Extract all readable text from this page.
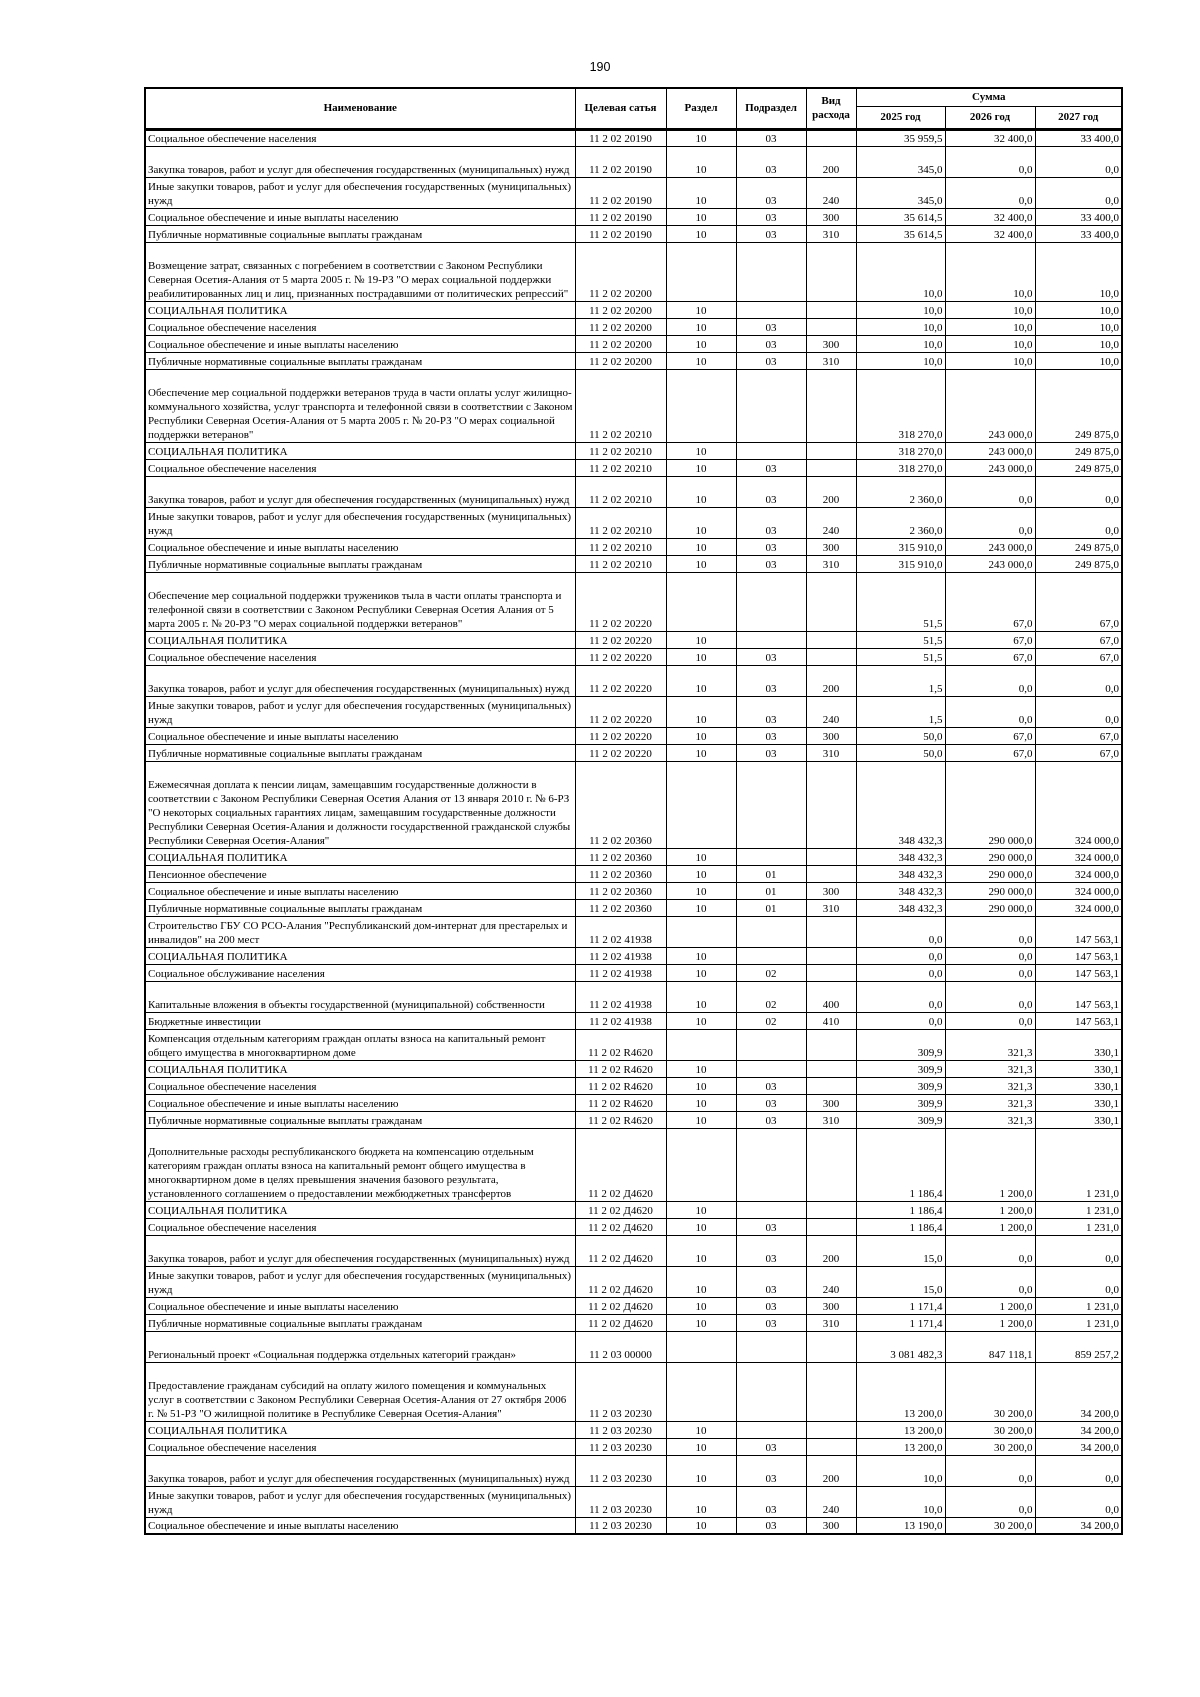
190
Наименование	Целевая сатья	Раздел	Подраздел	Вид расхода	Сумма		
					2025 год	2026 год	2027 год

Социальное обеспечение населения	11 2 02 20190	10	03		35 959,5	32 400,0	33 400,0

Закупка товаров, работ и услуг для обеспечения государственных (муниципальных) нужд	11 2 02 20190	10	03	200	345,0	0,0	0,0

Иные закупки товаров, работ и услуг для обеспечения государственных (муниципальных) нужд	11 2 02 20190	10	03	240	345,0	0,0	0,0

Социальное обеспечение и иные выплаты населению	11 2 02 20190	10	03	300	35 614,5	32 400,0	33 400,0

Публичные нормативные социальные выплаты гражданам	11 2 02 20190	10	03	310	35 614,5	32 400,0	33 400,0

Возмещение затрат, связанных с погребением в соответствии с Законом Республики Северная Осетия-Алания от 5 марта 2005 г. № 19-РЗ "О мерах социальной поддержки реабилитированных лиц и лиц, признанных пострадавшими от политических репрессий"	11 2 02 20200				10,0	10,0	10,0

СОЦИАЛЬНАЯ ПОЛИТИКА	11 2 02 20200	10			10,0	10,0	10,0

Социальное обеспечение населения	11 2 02 20200	10	03		10,0	10,0	10,0

Социальное обеспечение и иные выплаты населению	11 2 02 20200	10	03	300	10,0	10,0	10,0

Публичные нормативные социальные выплаты гражданам	11 2 02 20200	10	03	310	10,0	10,0	10,0

Обеспечение мер социальной поддержки ветеранов труда в части оплаты услуг жилищно-коммунального хозяйства, услуг транспорта и телефонной связи в соответствии с Законом Республики Северная Осетия-Алания от 5 марта 2005 г. № 20-РЗ "О мерах социальной поддержки ветеранов"	11 2 02 20210				318 270,0	243 000,0	249 875,0

СОЦИАЛЬНАЯ ПОЛИТИКА	11 2 02 20210	10			318 270,0	243 000,0	249 875,0

Социальное обеспечение населения	11 2 02 20210	10	03		318 270,0	243 000,0	249 875,0

Закупка товаров, работ и услуг для обеспечения государственных (муниципальных) нужд	11 2 02 20210	10	03	200	2 360,0	0,0	0,0

Иные закупки товаров, работ и услуг для обеспечения государственных (муниципальных) нужд	11 2 02 20210	10	03	240	2 360,0	0,0	0,0

Социальное обеспечение и иные выплаты населению	11 2 02 20210	10	03	300	315 910,0	243 000,0	249 875,0

Публичные нормативные социальные выплаты гражданам	11 2 02 20210	10	03	310	315 910,0	243 000,0	249 875,0

Обеспечение мер социальной поддержки тружеников тыла в части оплаты транспорта и телефонной связи в соответствии с Законом Республики Северная Осетия Алания от 5 марта 2005 г. № 20-РЗ "О мерах социальной поддержки ветеранов"	11 2 02 20220				51,5	67,0	67,0

СОЦИАЛЬНАЯ ПОЛИТИКА	11 2 02 20220	10			51,5	67,0	67,0

Социальное обеспечение населения	11 2 02 20220	10	03		51,5	67,0	67,0

Закупка товаров, работ и услуг для обеспечения государственных (муниципальных) нужд	11 2 02 20220	10	03	200	1,5	0,0	0,0

Иные закупки товаров, работ и услуг для обеспечения государственных (муниципальных) нужд	11 2 02 20220	10	03	240	1,5	0,0	0,0

Социальное обеспечение и иные выплаты населению	11 2 02 20220	10	03	300	50,0	67,0	67,0

Публичные нормативные социальные выплаты гражданам	11 2 02 20220	10	03	310	50,0	67,0	67,0

Ежемесячная доплата к пенсии лицам, замещавшим государственные должности в соответствии с Законом Республики Северная Осетия Алания от 13 января 2010 г. № 6-РЗ "О некоторых социальных гарантиях лицам, замещавшим государственные должности Республики Северная Осетия-Алания и должности государственной гражданской службы Республики Северная Осетия-Алания"	11 2 02 20360				348 432,3	290 000,0	324 000,0

СОЦИАЛЬНАЯ ПОЛИТИКА	11 2 02 20360	10			348 432,3	290 000,0	324 000,0

Пенсионное обеспечение	11 2 02 20360	10	01		348 432,3	290 000,0	324 000,0

Социальное обеспечение и иные выплаты населению	11 2 02 20360	10	01	300	348 432,3	290 000,0	324 000,0

Публичные нормативные социальные выплаты гражданам	11 2 02 20360	10	01	310	348 432,3	290 000,0	324 000,0

Строительство ГБУ СО РСО-Алания "Республиканский дом-интернат для престарелых и инвалидов" на 200 мест	11 2 02 41938				0,0	0,0	147 563,1

СОЦИАЛЬНАЯ ПОЛИТИКА	11 2 02 41938	10			0,0	0,0	147 563,1

Социальное обслуживание населения	11 2 02 41938	10	02		0,0	0,0	147 563,1

Капитальные вложения в объекты государственной (муниципальной) собственности	11 2 02 41938	10	02	400	0,0	0,0	147 563,1

Бюджетные инвестиции	11 2 02 41938	10	02	410	0,0	0,0	147 563,1

Компенсация отдельным категориям граждан оплаты взноса на капитальный ремонт общего имущества в многоквартирном доме	11 2 02 R4620				309,9	321,3	330,1

СОЦИАЛЬНАЯ ПОЛИТИКА	11 2 02 R4620	10			309,9	321,3	330,1

Социальное обеспечение населения	11 2 02 R4620	10	03		309,9	321,3	330,1

Социальное обеспечение и иные выплаты населению	11 2 02 R4620	10	03	300	309,9	321,3	330,1

Публичные нормативные социальные выплаты гражданам	11 2 02 R4620	10	03	310	309,9	321,3	330,1

Дополнительные расходы республиканского бюджета на компенсацию отдельным категориям граждан оплаты взноса на капитальный ремонт общего имущества в многоквартирном доме в целях превышения значения базового результата, установленного соглашением о предоставлении межбюджетных трансфертов	11 2 02 Д4620				1 186,4	1 200,0	1 231,0

СОЦИАЛЬНАЯ ПОЛИТИКА	11 2 02 Д4620	10			1 186,4	1 200,0	1 231,0

Социальное обеспечение населения	11 2 02 Д4620	10	03		1 186,4	1 200,0	1 231,0

Закупка товаров, работ и услуг для обеспечения государственных (муниципальных) нужд	11 2 02 Д4620	10	03	200	15,0	0,0	0,0

Иные закупки товаров, работ и услуг для обеспечения государственных (муниципальных) нужд	11 2 02 Д4620	10	03	240	15,0	0,0	0,0

Социальное обеспечение и иные выплаты населению	11 2 02 Д4620	10	03	300	1 171,4	1 200,0	1 231,0

Публичные нормативные социальные выплаты гражданам	11 2 02 Д4620	10	03	310	1 171,4	1 200,0	1 231,0

Региональный проект «Социальная поддержка отдельных категорий граждан»	11 2 03 00000				3 081 482,3	847 118,1	859 257,2

Предоставление гражданам субсидий на оплату жилого помещения и коммунальных услуг в соответствии с Законом Республики Северная Осетия-Алания от 27 октября 2006 г. № 51-РЗ "О жилищной политике в Республике Северная Осетия-Алания"	11 2 03 20230				13 200,0	30 200,0	34 200,0

СОЦИАЛЬНАЯ ПОЛИТИКА	11 2 03 20230	10			13 200,0	30 200,0	34 200,0

Социальное обеспечение населения	11 2 03 20230	10	03		13 200,0	30 200,0	34 200,0

Закупка товаров, работ и услуг для обеспечения государственных (муниципальных) нужд	11 2 03 20230	10	03	200	10,0	0,0	0,0

Иные закупки товаров, работ и услуг для обеспечения государственных (муниципальных) нужд	11 2 03 20230	10	03	240	10,0	0,0	0,0

Социальное обеспечение и иные выплаты населению	11 2 03 20230	10	03	300	13 190,0	30 200,0	34 200,0
